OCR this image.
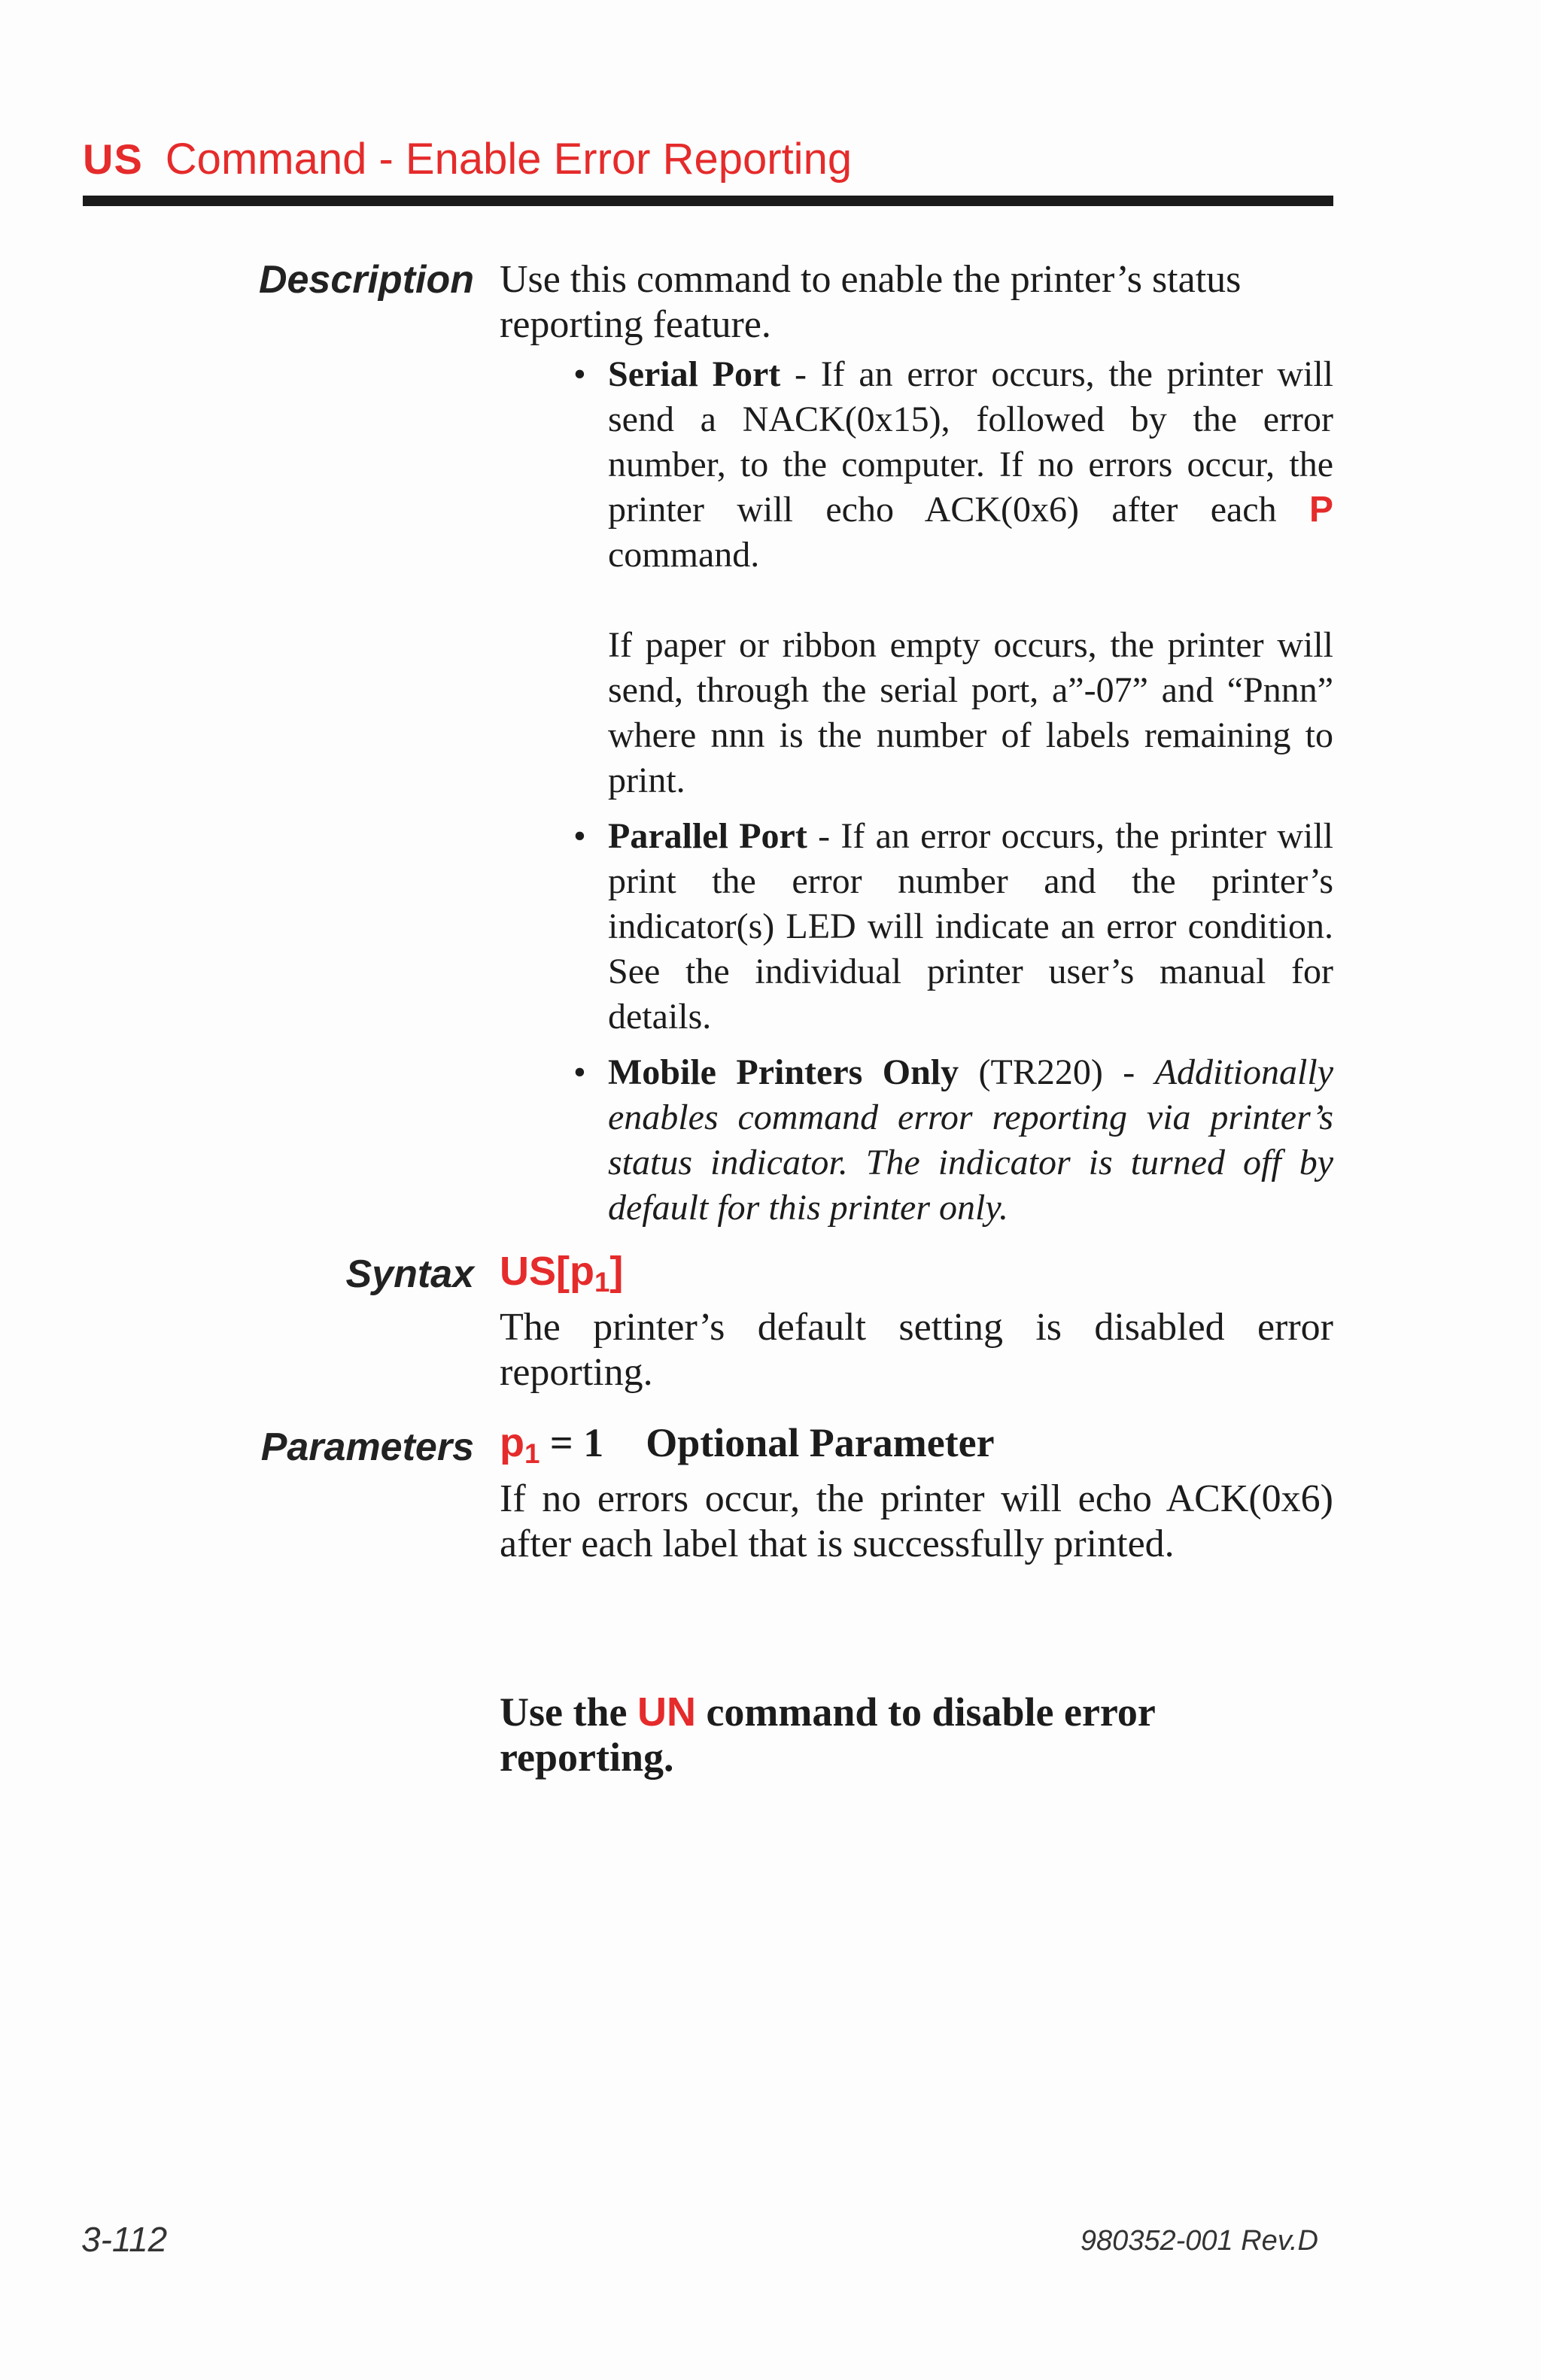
US Command - Enable Error Reporting
Description Use this command to enable the printer’s status reporting feature.
• Serial Port - If an error occurs, the printer will send a NACK(0x15), followed by the error number, to the computer. If no errors occur, the printer will echo ACK(0x6) after each P command.
If paper or ribbon empty occurs, the printer will send, through the serial port, a”-07” and “Pnnn” where nnn is the number of labels remaining to print.
• Parallel Port - If an error occurs, the printer will print the error number and the printer’s indicator(s) LED will indicate an error condition. See the individual printer user’s manual for details.
• Mobile Printers Only (TR220) - Additionally enables command error reporting via printer’s status indicator. The indicator is turned off by default for this printer only.
Syntax $US[p_1]$
The printer’s default setting is disabled error reporting.
Parameters $p_1 = 1$ Optional Parameter
If no errors occur, the printer will echo ACK(0x6) after each label that is successfully printed.
Use the UN command to disable error reporting.
3-112	980352-001 Rev.D
